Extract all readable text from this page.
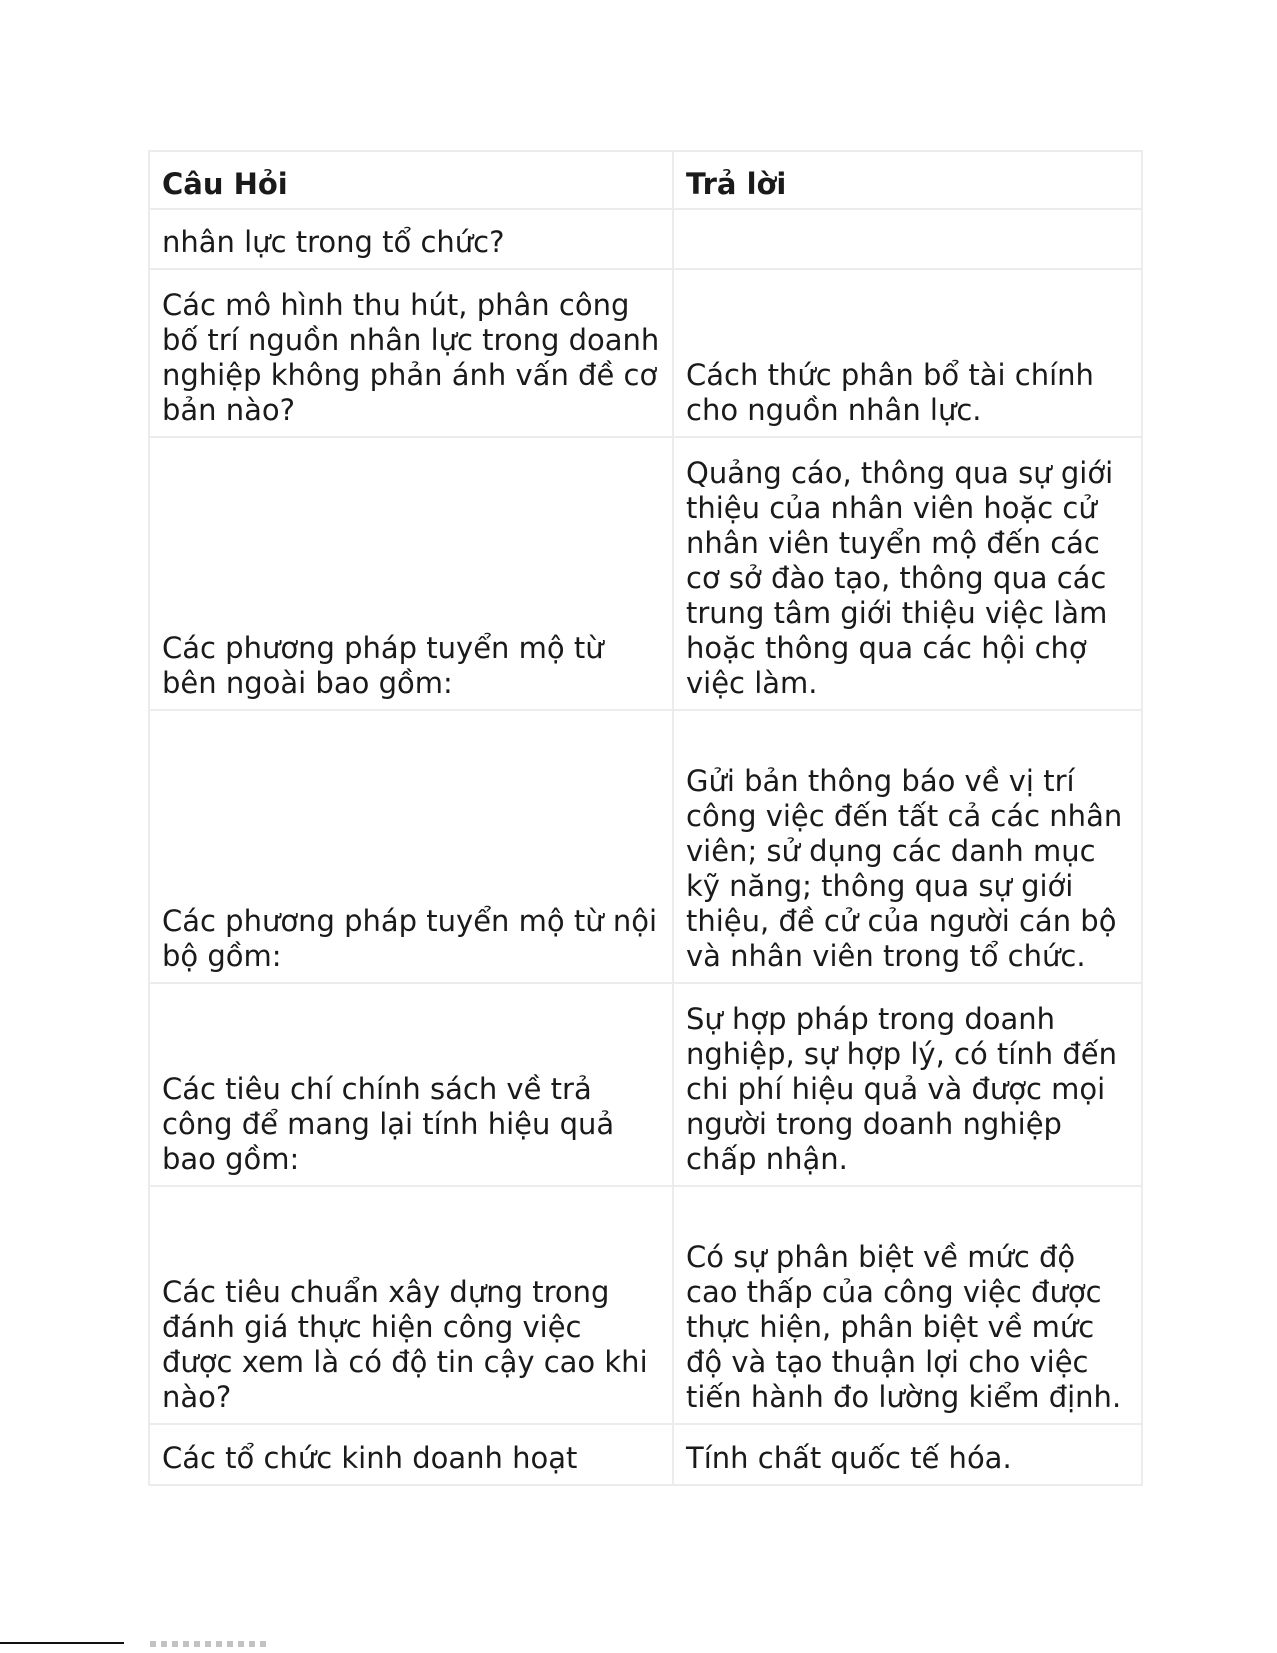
Câu Hỏi	Trả lời
nhân lực trong tổ chức?	
Các mô hình thu hút, phân công bố trí nguồn nhân lực trong doanh nghiệp không phản ánh vấn đề cơ bản nào?	Cách thức phân bổ tài chính cho nguồn nhân lực.
Các phương pháp tuyển mộ từ bên ngoài bao gồm:	Quảng cáo, thông qua sự giới thiệu của nhân viên hoặc cử nhân viên tuyển mộ đến các cơ sở đào tạo, thông qua các trung tâm giới thiệu việc làm hoặc thông qua các hội chợ việc làm.
Các phương pháp tuyển mộ từ nội bộ gồm:	Gửi bản thông báo về vị trí công việc đến tất cả các nhân viên; sử dụng các danh mục kỹ năng; thông qua sự giới thiệu, đề cử của người cán bộ và nhân viên trong tổ chức.
Các tiêu chí chính sách về trả công để mang lại tính hiệu quả bao gồm:	Sự hợp pháp trong doanh nghiệp, sự hợp lý, có tính đến chi phí hiệu quả và được mọi người trong doanh nghiệp chấp nhận.
Các tiêu chuẩn xây dựng trong đánh giá thực hiện công việc được xem là có độ tin cậy cao khi nào?	Có sự phân biệt về mức độ cao thấp của công việc được thực hiện, phân biệt về mức độ và tạo thuận lợi cho việc tiến hành đo lường kiểm định.
Các tổ chức kinh doanh hoạt	Tính chất quốc tế hóa.
